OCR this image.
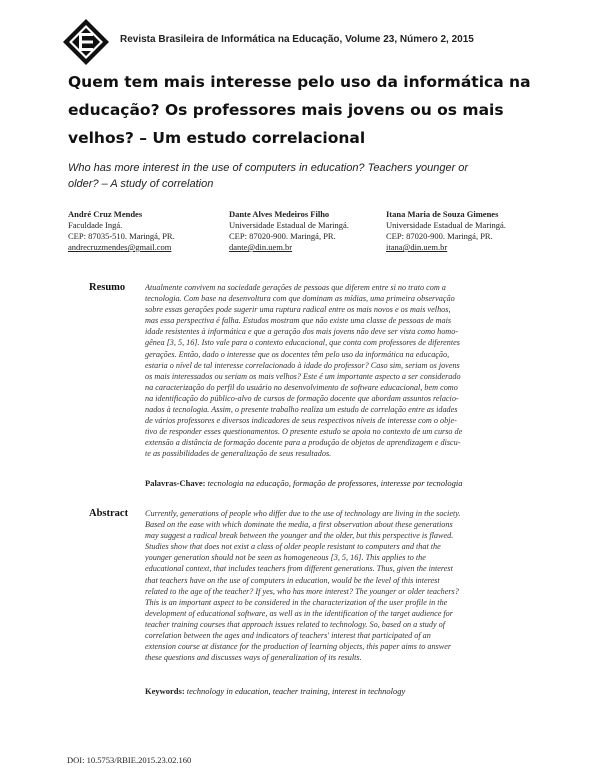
Revista Brasileira de Informática na Educação, Volume 23, Número 2, 2015
Quem tem mais interesse pelo uso da informática na
educação? Os professores mais jovens ou os mais
velhos? – Um estudo correlacional
Who has more interest in the use of computers in education? Teachers younger or
older? – A study of correlation
André Cruz Mendes
Faculdade Ingá.
CEP: 87035-510. Maringá, PR.
andrecruzmendes@gmail.com
Dante Alves Medeiros Filho
Universidade Estadual de Maringá.
CEP: 87020-900. Maringá, PR.
dante@din.uem.br
Itana Maria de Souza Gimenes
Universidade Estadual de Maringá.
CEP: 87020-900. Maringá, PR.
itana@din.uem.br
Resumo Atualmente convivem na sociedade gerações de pessoas que diferem entre si no trato com a
tecnologia. Com base na desenvoltura com que dominam as mídias, uma primeira observação
sobre essas gerações pode sugerir uma ruptura radical entre os mais novos e os mais velhos,
mas essa perspectiva é falha. Estudos mostram que não existe uma classe de pessoas de mais
idade resistentes à informática e que a geração dos mais jovens não deve ser vista como homo-
gênea [3, 5, 16]. Isto vale para o contexto educacional, que conta com professores de diferentes
gerações. Então, dado o interesse que os docentes têm pelo uso da informática na educação,
estaria o nível de tal interesse correlacionado à idade do professor? Caso sim, seriam os jovens
os mais interessados ou seriam os mais velhos? Este é um importante aspecto a ser considerado
na caracterização do perfil do usuário no desenvolvimento de software educacional, bem como
na identificação do público-alvo de cursos de formação docente que abordam assuntos relacio-
nados à tecnologia. Assim, o presente trabalho realiza um estudo de correlação entre as idades
de vários professores e diversos indicadores de seus respectivos níveis de interesse com o obje-
tivo de responder esses questionamentos. O presente estudo se apoia no contexto de um curso de
extensão a distância de formação docente para a produção de objetos de aprendizagem e discu-
te as possibilidades de generalização de seus resultados.
Palavras-Chave: tecnologia na educação, formação de professores, interesse por tecnologia
Abstract Currently, generations of people who differ due to the use of technology are living in the society.
Based on the ease with which dominate the media, a first observation about these generations
may suggest a radical break between the younger and the older, but this perspective is flawed.
Studies show that does not exist a class of older people resistant to computers and that the
younger generation should not be seen as homogeneous [3, 5, 16]. This applies to the
educational context, that includes teachers from different generations. Thus, given the interest
that teachers have on the use of computers in education, would be the level of this interest
related to the age of the teacher? If yes, who has more interest? The younger or older teachers?
This is an important aspect to be considered in the characterization of the user profile in the
development of educational software, as well as in the identification of the target audience for
teacher training courses that approach issues related to technology. So, based on a study of
correlation between the ages and indicators of teachers' interest that participated of an
extension course at distance for the production of learning objects, this paper aims to answer
these questions and discusses ways of generalization of its results.
Keywords: technology in education, teacher training, interest in technology
DOI: 10.5753/RBIE.2015.23.02.160
